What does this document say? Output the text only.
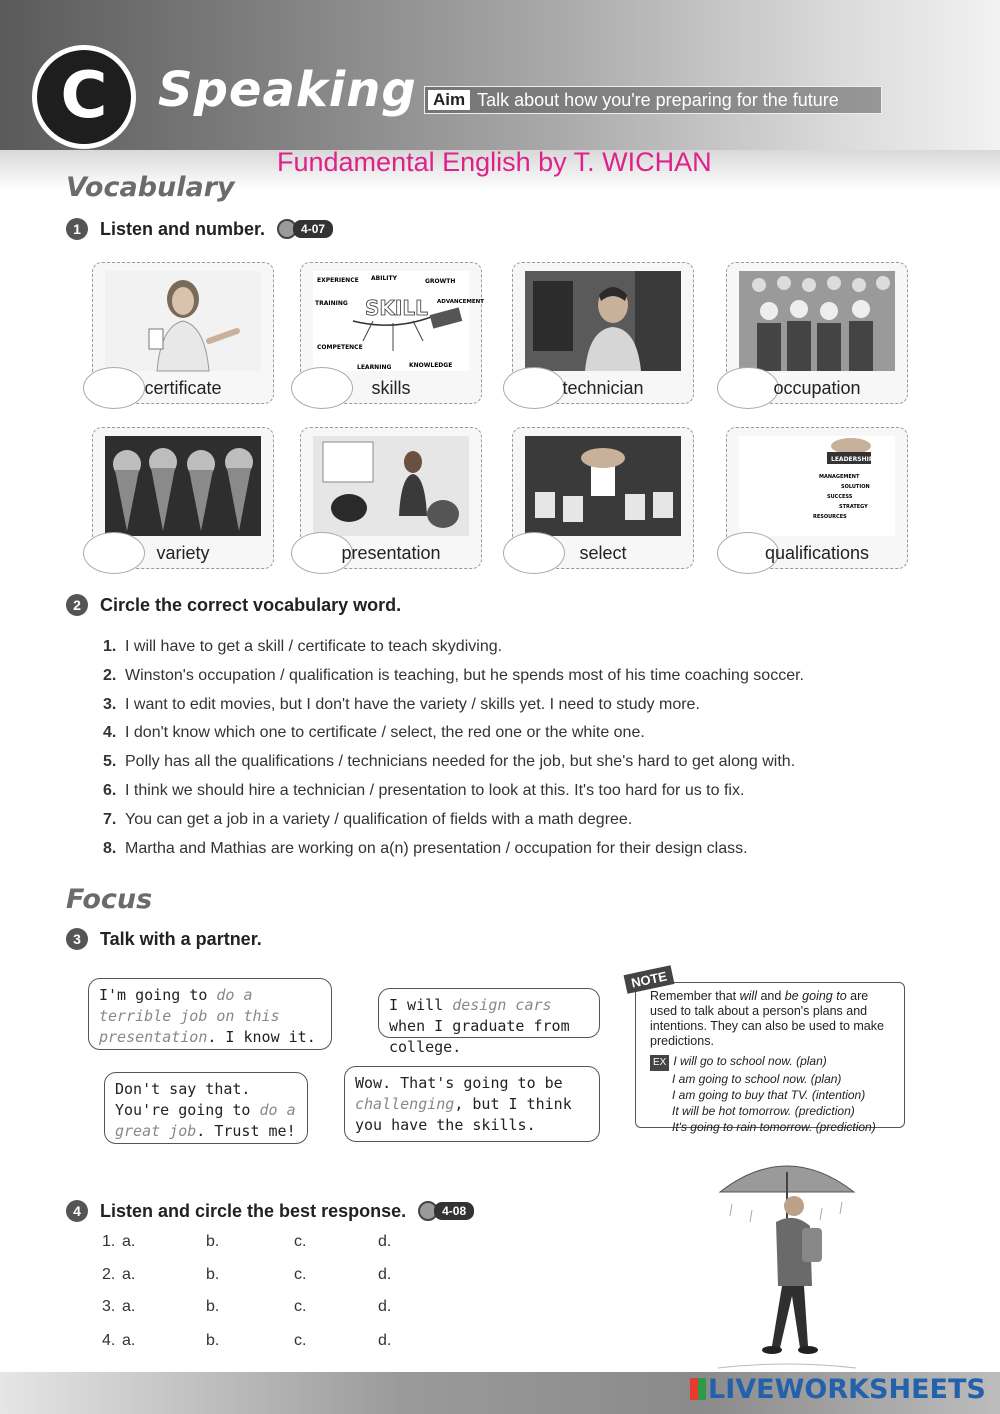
C	Speaking Aim Talk about how you're preparing for the future
Fundamental English by T. WICHAN
Vocabulary
1	Listen and number.	4-07
certificate
EXPERIENCE ABILITY	GROWTH
TRAINING SKILL ADVANCEMENT
COMPETENCE
LEARNING	KNOWLEDGE
skills	technician	occupation
variety	presentation	select
LEADERSHIP
MANAGEMENT
SOLUTION
SUCCESS
STRATEGY
RESOURCES
qualifications
2	Circle the correct vocabulary word.
1. I will have to get a skill / certificate to teach skydiving.
2. Winston's occupation / qualification is teaching, but he spends most of his time coaching soccer.
3. I want to edit movies, but I don't have the variety / skills yet. I need to study more.
4. I don't know which one to certificate / select, the red one or the white one.
5. Polly has all the qualifications / technicians needed for the job, but she's hard to get along with.
6. I think we should hire a technician / presentation to look at this. It's too hard for us to fix.
7. You can get a job in a variety / qualification of fields with a math degree.
8. Martha and Mathias are working on a(n) presentation / occupation for their design class.
Focus
3	Talk with a partner.
I'm going to do a terrible job on this presentation. I know it.
I will design cars when I graduate from college.
Don't say that. You're going to do a great job. Trust me!
Wow. That's going to be challenging, but I think you have the skills.
Remember that will and be going to are used to talk about a person's plans and intentions. They can also be used to make predictions.
EX I will go to school now. (plan)
I am going to school now. (plan)
I am going to buy that TV. (intention)
It will be hot tomorrow. (prediction)
It's going to rain tomorrow. (prediction)
NOTE
4	Listen and circle the best response.	4-08
1. a.	b.	c.	d.
2. a.	b.	c.	d.
3. a.	b.	c.	d.
4. a.	b.	c.	d.
LIVEWORKSHEETS
